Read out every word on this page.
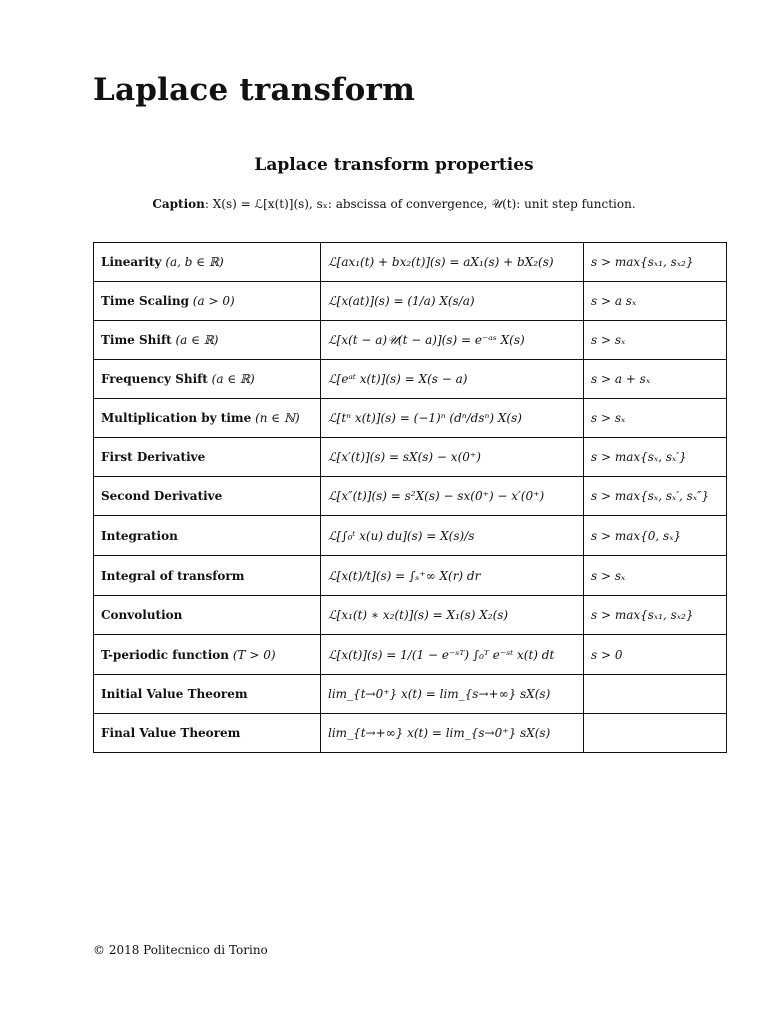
Laplace transform
Laplace transform properties
Caption: X(s) = ℒ[x(t)](s), sₓ: abscissa of convergence, 𝒰(t): unit step function.
Linearity (a, b ∈ ℝ)	ℒ[ax₁(t) + bx₂(t)](s) = aX₁(s) + bX₂(s)	s > max{sₓ₁, sₓ₂}
Time Scaling (a > 0)	ℒ[x(at)](s) = (1/a) X(s/a)	s > a sₓ
Time Shift (a ∈ ℝ)	ℒ[x(t − a)𝒰(t − a)](s) = e⁻ᵃˢ X(s)	s > sₓ
Frequency Shift (a ∈ ℝ)	ℒ[eᵃᵗ x(t)](s) = X(s − a)	s > a + sₓ
Multiplication by time (n ∈ ℕ)	ℒ[tⁿ x(t)](s) = (−1)ⁿ (dⁿ/dsⁿ) X(s)	s > sₓ
First Derivative	ℒ[x′(t)](s) = sX(s) − x(0⁺)	s > max{sₓ, sₓ′}
Second Derivative	ℒ[x″(t)](s) = s²X(s) − sx(0⁺) − x′(0⁺)	s > max{sₓ, sₓ′, sₓ″}
Integration	ℒ[∫₀ᵗ x(u) du](s) = X(s)/s	s > max{0, sₓ}
Integral of transform	ℒ[x(t)/t](s) = ∫ₛ⁺∞ X(r) dr	s > sₓ
Convolution	ℒ[x₁(t) ∗ x₂(t)](s) = X₁(s) X₂(s)	s > max{sₓ₁, sₓ₂}
T-periodic function (T > 0)	ℒ[x(t)](s) = 1/(1 − e⁻ˢᵀ) ∫₀ᵀ e⁻ˢᵗ x(t) dt	s > 0
Initial Value Theorem	lim_{t→0⁺} x(t) = lim_{s→+∞} sX(s)	
Final Value Theorem	lim_{t→+∞} x(t) = lim_{s→0⁺} sX(s)	
© 2018 Politecnico di Torino
